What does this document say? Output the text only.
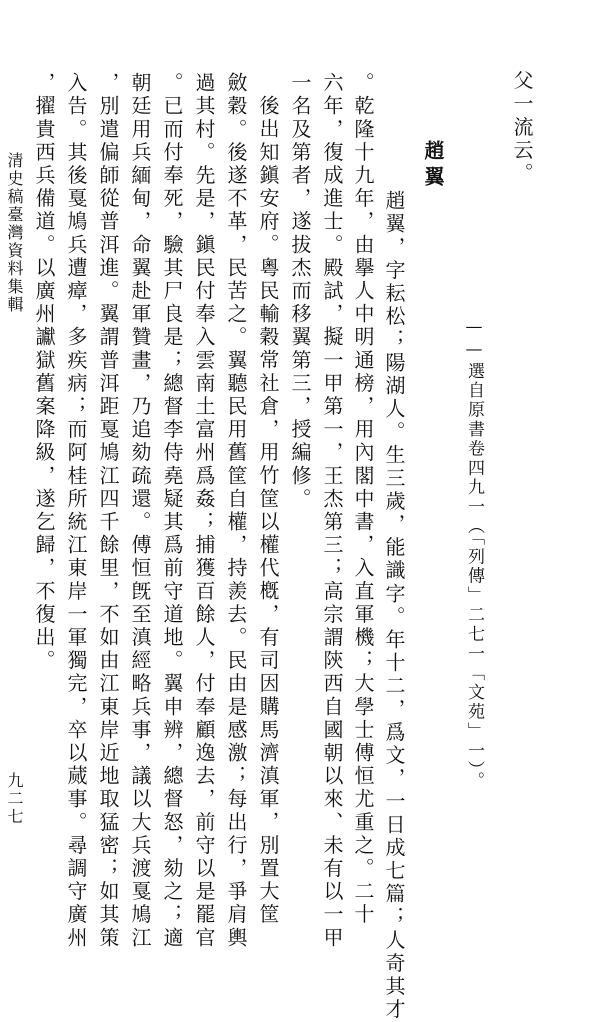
父一流云。
——選自原書卷四九一（「列傳」二七一「文苑」一）。
趙翼
趙翼，字耘松；陽湖人。生三歲，能識字。年十二，爲文，一日成七篇；人奇其才
。乾隆十九年，由擧人中明通榜，用內閣中書，入直軍機；大學士傅恒尤重之。二十
六年，復成進士。殿試，擬一甲第一，王杰第三；高宗謂陝西自國朝以來、未有以一甲
一名及第者，遂拔杰而移翼第三，授編修。
後出知鎭安府。粵民輸穀常社倉，用竹筐以權代槪，有司因購馬濟滇軍，別置大筐
斂穀。後遂不革，民苦之。翼聽民用舊筐自權，持羨去。民由是感激；每出行，爭肩輿
過其村。先是，鎭民付奉入雲南土富州爲姦；捕獲百餘人，付奉顧逸去，前守以是罷官
。已而付奉死，驗其尸良是；總督李侍堯疑其爲前守道地。翼申辨，總督怒，劾之；適
朝廷用兵緬甸，命翼赴軍贊畫，乃追劾疏還。傅恒旣至滇經略兵事，議以大兵渡戛鳩江
，別遣偏師從普洱進。翼謂普洱距戛鳩江四千餘里，不如由江東岸近地取猛密；如其策
入告。其後戛鳩兵遭瘴，多疾病；而阿桂所統江東岸一軍獨完，卒以蒇事。尋調守廣州
，擢貴西兵備道。以廣州讞獄舊案降級，遂乞歸，不復出。
清史稿臺灣資料集輯
九二七
